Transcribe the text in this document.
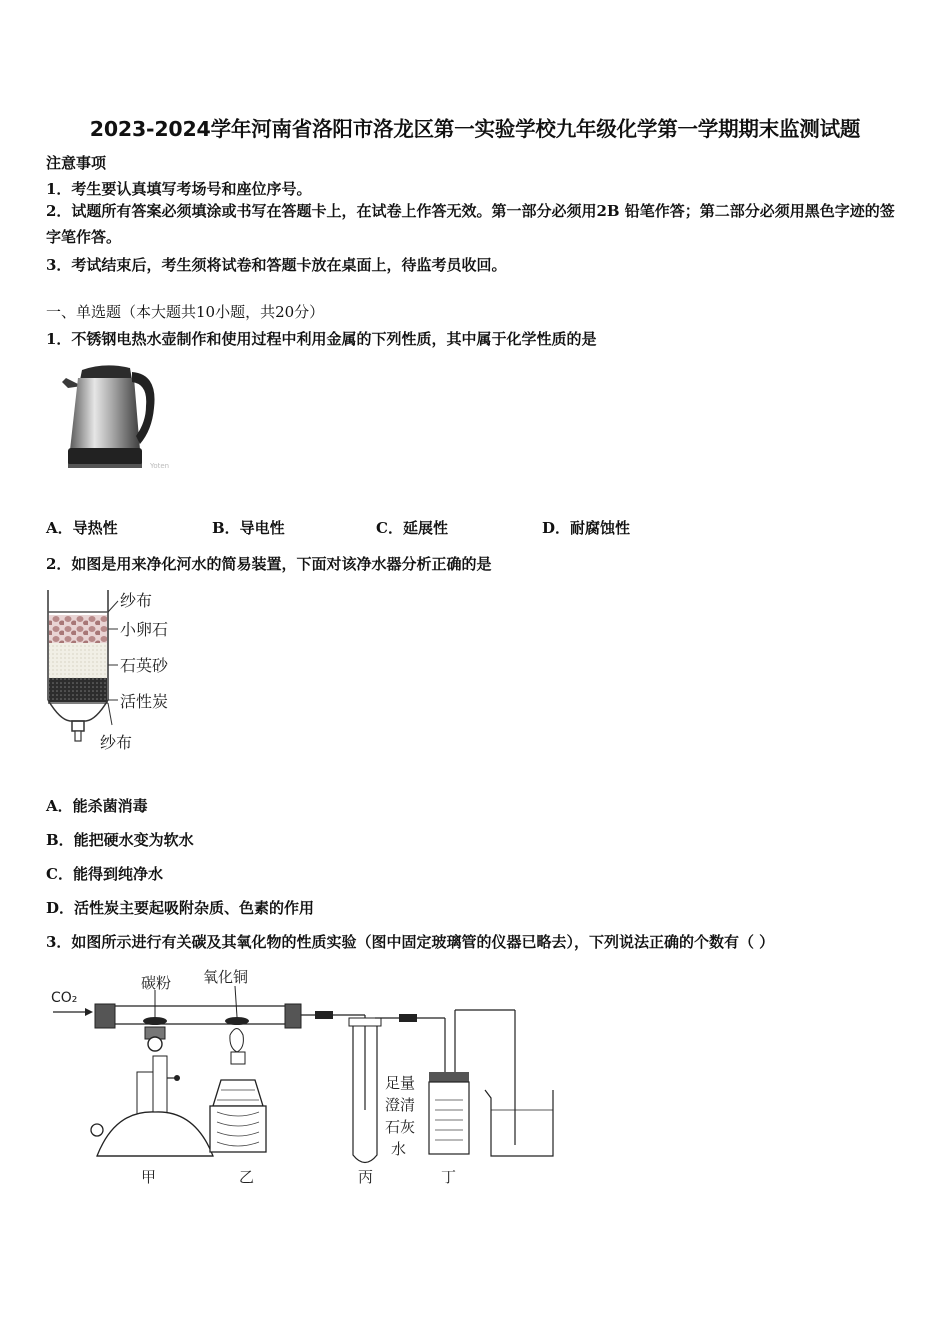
2023-2024学年河南省洛阳市洛龙区第一实验学校九年级化学第一学期期末监测试题
注意事项
1．考生要认真填写考场号和座位序号。
2．试题所有答案必须填涂或书写在答题卡上，在试卷上作答无效。第一部分必须用2B 铅笔作答；第二部分必须用黑色字迹的签字笔作答。
3．考试结束后，考生须将试卷和答题卡放在桌面上，待监考员收回。
一、单选题（本大题共10小题，共20分）
1．不锈钢电热水壶制作和使用过程中利用金属的下列性质，其中属于化学性质的是
Yoten
A．导热性	B．导电性	C．延展性	D．耐腐蚀性
2．如图是用来净化河水的简易装置，下面对该净水器分析正确的是
纱布
小卵石
石英砂
活性炭
纱布
A．能杀菌消毒
B．能把硬水变为软水
C．能得到纯净水
D．活性炭主要起吸附杂质、色素的作用
3．如图所示进行有关碳及其氧化物的性质实验（图中固定玻璃管的仪器已略去），下列说法正确的个数有（ ）
CO₂
碳粉 氧化铜
足量
澄清
石灰
水
甲	乙	丙	丁
